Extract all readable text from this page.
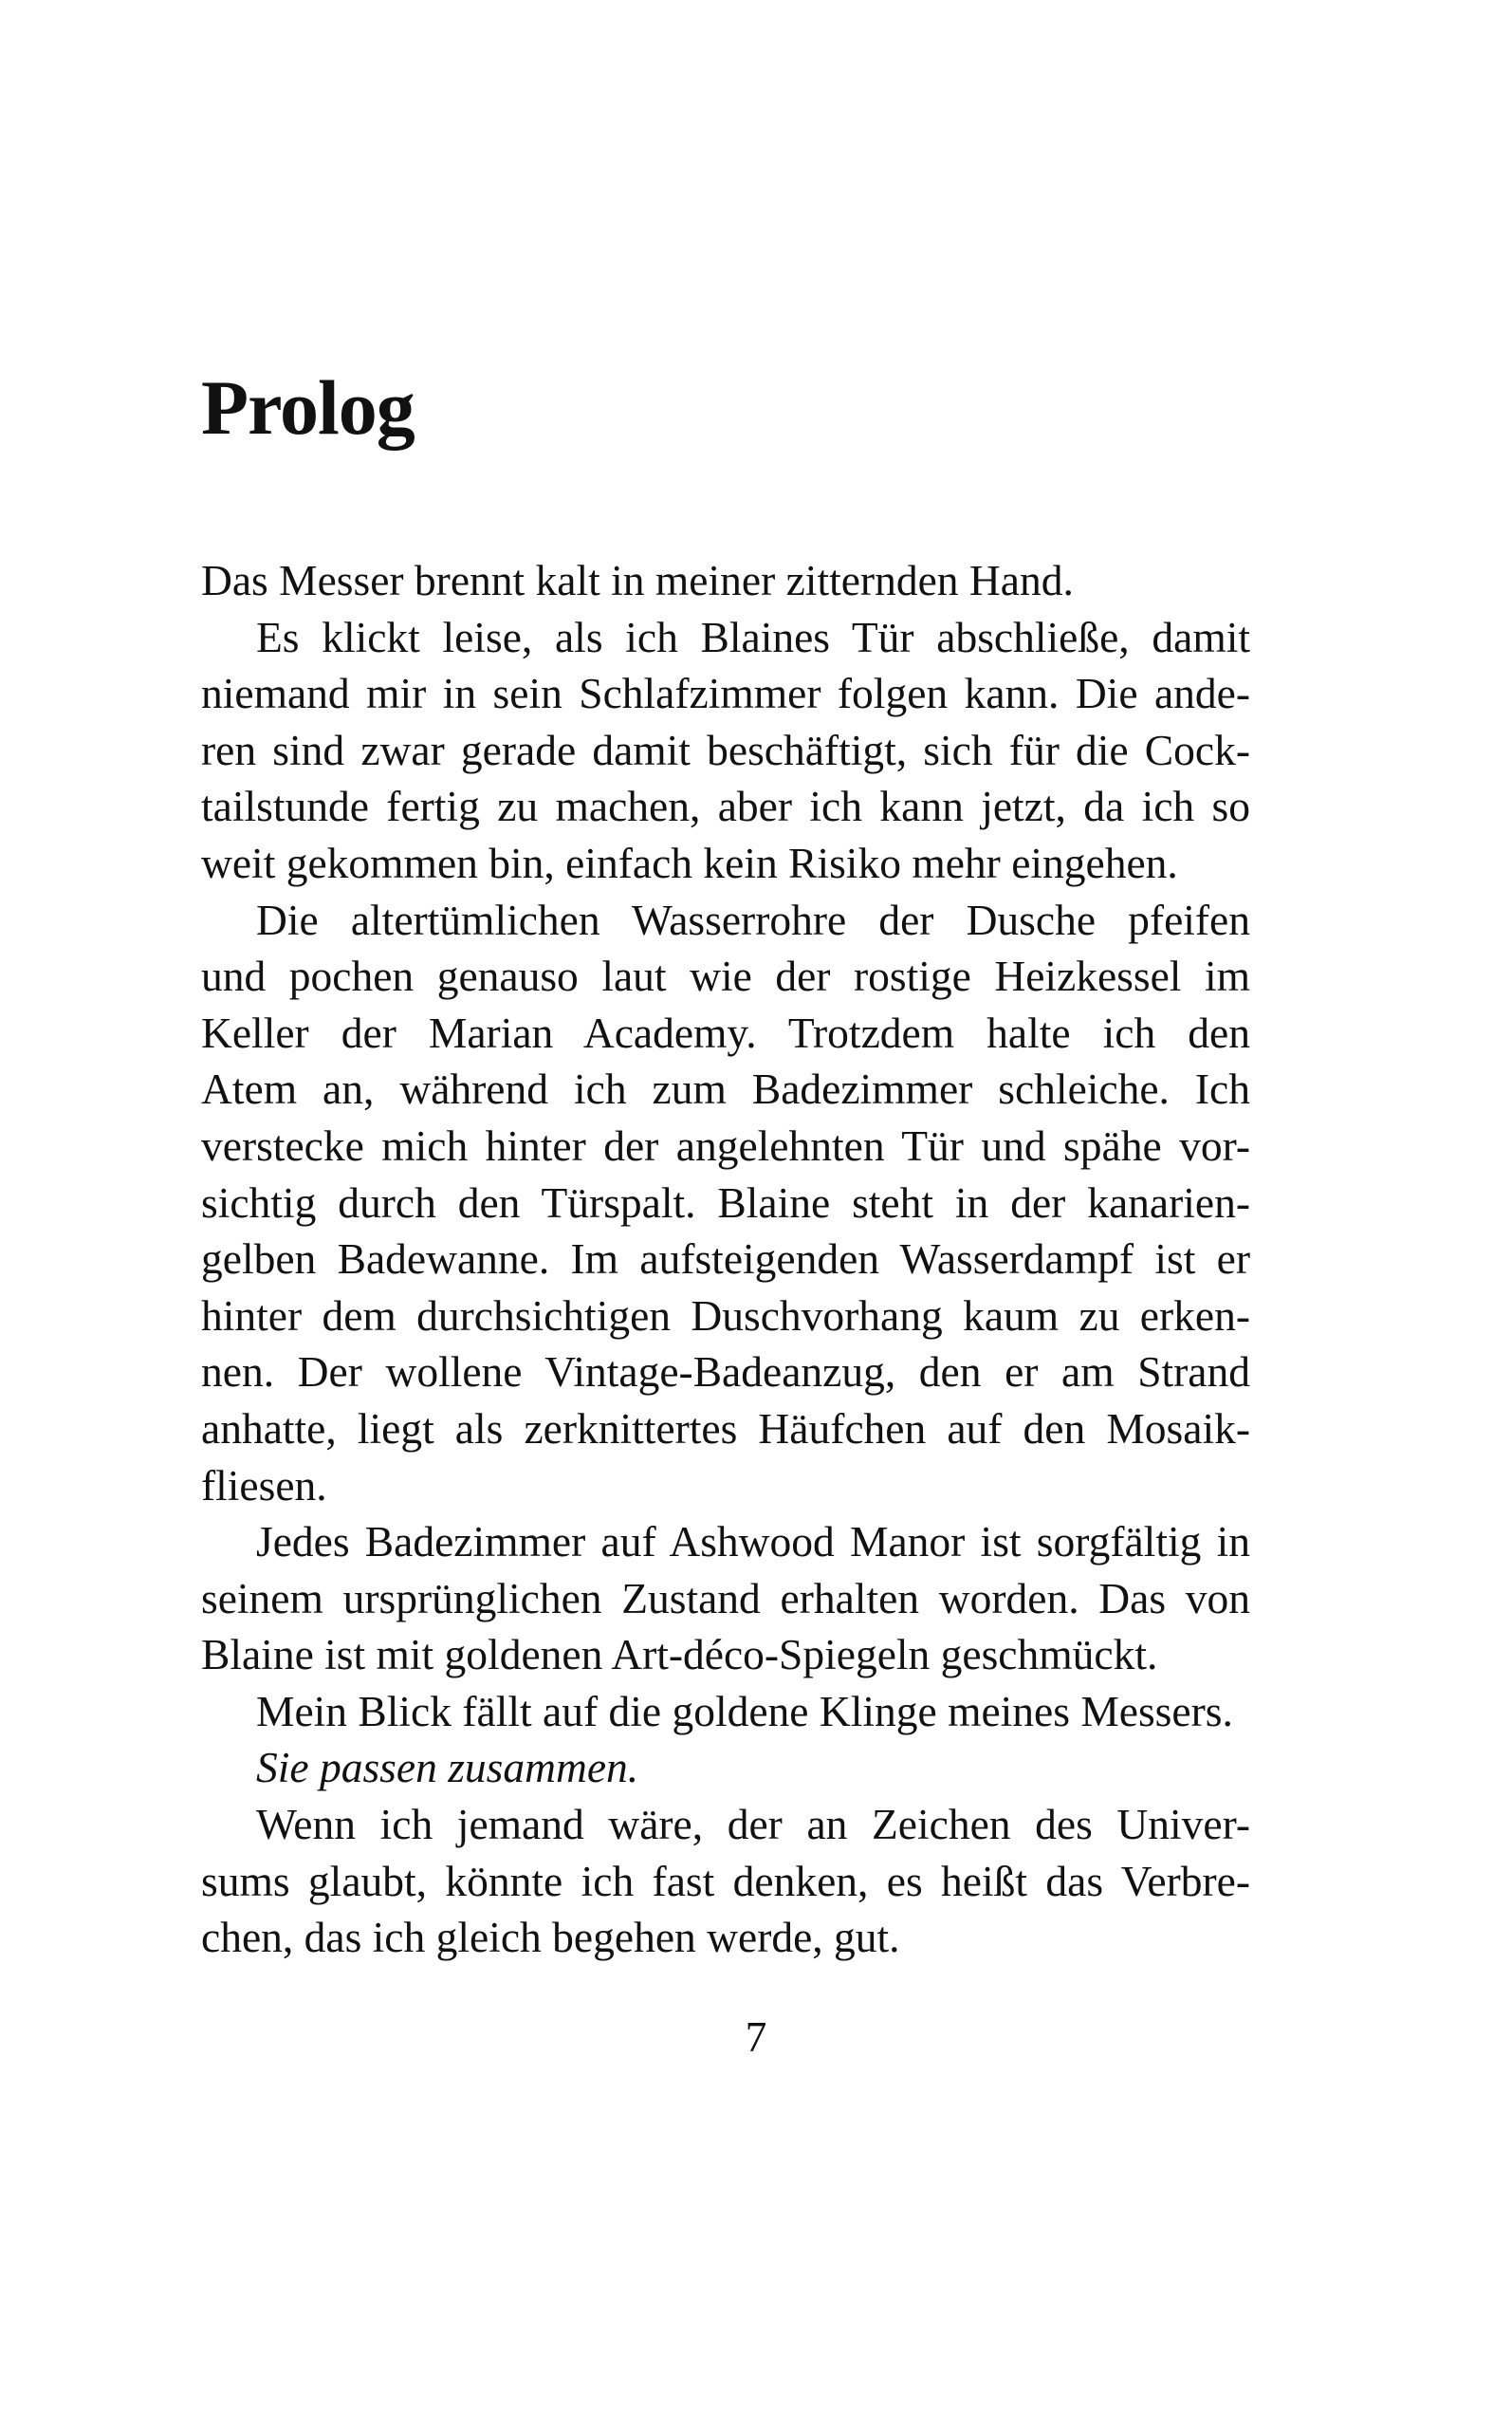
Prolog
Das Messer brennt kalt in meiner zitternden Hand.
Es klickt leise, als ich Blaines Tür abschließe, damit
niemand mir in sein Schlafzimmer folgen kann. Die ande-
ren sind zwar gerade damit beschäftigt, sich für die Cock-
tailstunde fertig zu machen, aber ich kann jetzt, da ich so
weit gekommen bin, einfach kein Risiko mehr eingehen.
Die altertümlichen Wasserrohre der Dusche pfeifen
und pochen genauso laut wie der rostige Heizkessel im
Keller der Marian Academy. Trotzdem halte ich den
Atem an, während ich zum Badezimmer schleiche. Ich
verstecke mich hinter der angelehnten Tür und spähe vor-
sichtig durch den Türspalt. Blaine steht in der kanarien-
gelben Badewanne. Im aufsteigenden Wasserdampf ist er
hinter dem durchsichtigen Duschvorhang kaum zu erken-
nen. Der wollene Vintage-Badeanzug, den er am Strand
anhatte, liegt als zerknittertes Häufchen auf den Mosaik-
fliesen.
Jedes Badezimmer auf Ashwood Manor ist sorgfältig in
seinem ursprünglichen Zustand erhalten worden. Das von
Blaine ist mit goldenen Art-déco-Spiegeln geschmückt.
Mein Blick fällt auf die goldene Klinge meines Messers.
Sie passen zusammen.
Wenn ich jemand wäre, der an Zeichen des Univer-
sums glaubt, könnte ich fast denken, es heißt das Verbre-
chen, das ich gleich begehen werde, gut.
7
